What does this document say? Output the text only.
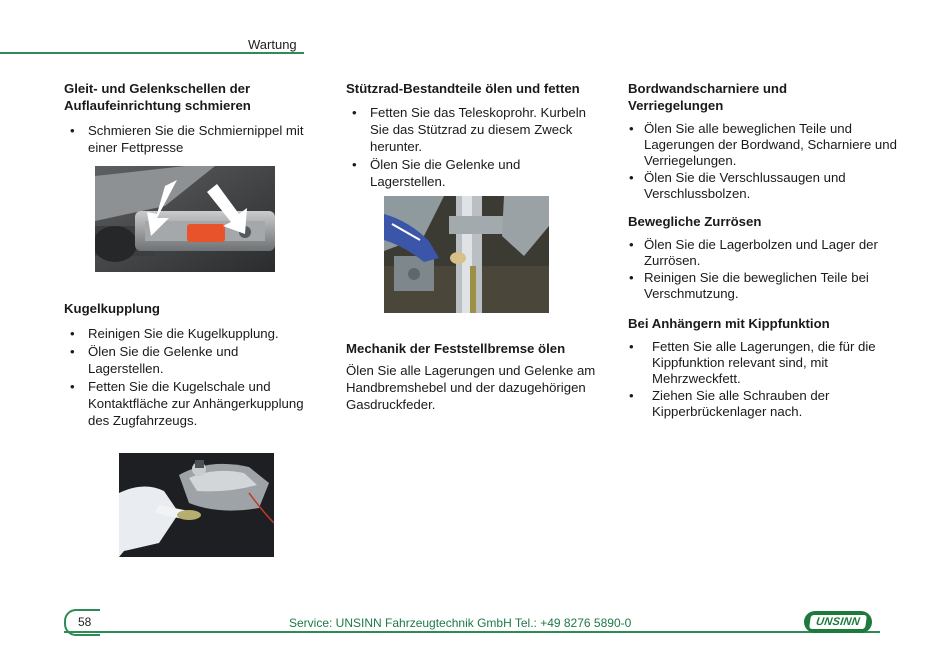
Wartung
Gleit- und Gelenkschellen der
Auflaufeinrichtung schmieren
• Schmieren Sie die Schmiernippel mit einer Fettpresse
Kugelkupplung
• Reinigen Sie die Kugelkupplung.
• Ölen Sie die Gelenke und Lagerstellen.
• Fetten Sie die Kugelschale und Kontaktfläche zur Anhängerkupplung des Zugfahrzeugs.
Stützrad-Bestandteile ölen und fetten
• Fetten Sie das Teleskoprohr. Kurbeln Sie das Stützrad zu diesem Zweck herunter.
• Ölen Sie die Gelenke und Lagerstellen.
Mechanik der Feststellbremse ölen

Ölen Sie alle Lagerungen und Gelenke am Handbremshebel und der dazugehörigen Gasdruckfeder.

Bordwandscharniere und
Verriegelungen
• Ölen Sie alle beweglichen Teile und Lagerungen der Bordwand, Scharniere und Verriegelungen.
• Ölen Sie die Verschlussaugen und Verschlussbolzen.
Bewegliche Zurrösen
• Ölen Sie die Lagerbolzen und Lager der Zurrösen.
• Reinigen Sie die beweglichen Teile bei Verschmutzung.
Bei Anhängern mit Kippfunktion
• Fetten Sie alle Lagerungen, die für die Kippfunktion relevant sind, mit Mehrzweckfett.
• Ziehen Sie alle Schrauben der Kipperbrückenlager nach.
58	Service: UNSINN Fahrzeugtechnik GmbH Tel.: +49 8276 5890-0	UNSINN
